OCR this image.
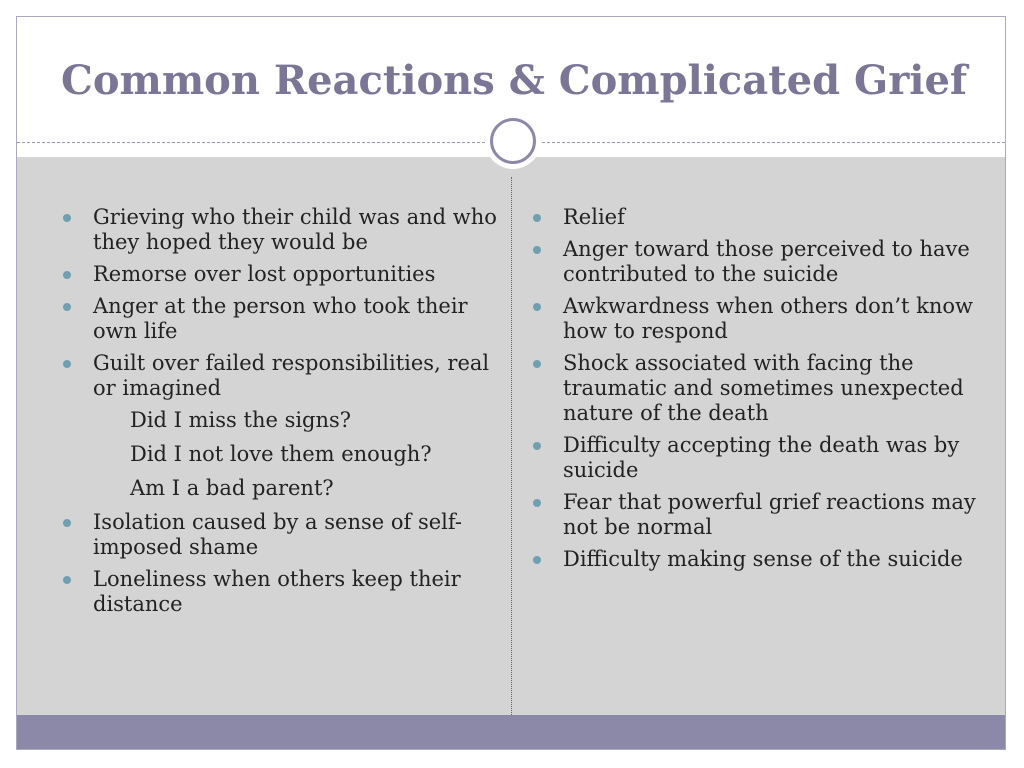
Common Reactions & Complicated Grief
Grieving who their child was and who they hoped they would be
Remorse over lost opportunities
Anger at the person who took their own life
Guilt over failed responsibilities, real or imagined
Did I miss the signs?
Did I not love them enough?
Am I a bad parent?
Isolation caused by a sense of self-imposed shame
Loneliness when others keep their distance
Relief
Anger toward those perceived to have contributed to the suicide
Awkwardness when others don’t know how to respond
Shock associated with facing the traumatic and sometimes unexpected nature of the death
Difficulty accepting the death was by suicide
Fear that powerful grief reactions may not be normal
Difficulty making sense of the suicide
